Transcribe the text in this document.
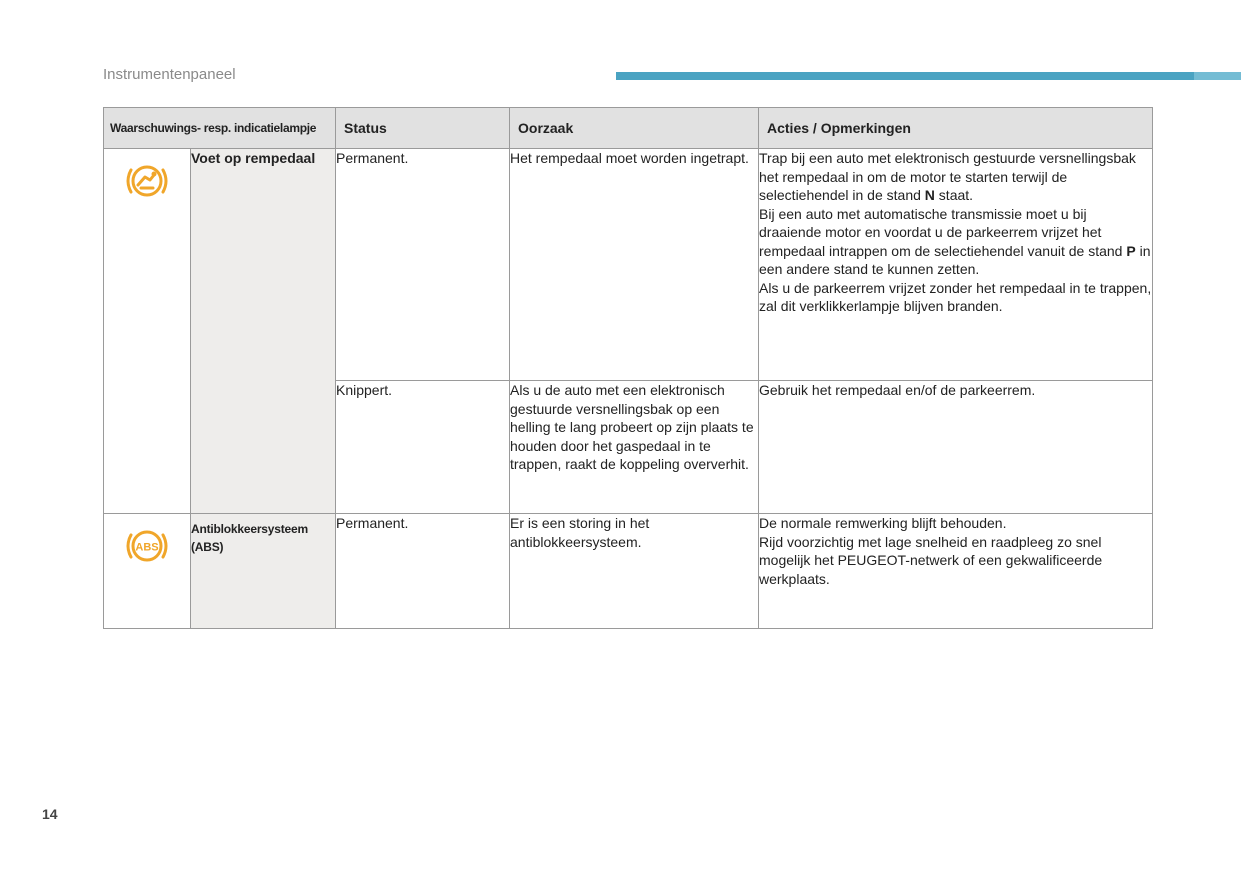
Instrumentenpaneel
Waarschuwings- resp. indicatielampje		Status	Oorzaak	Acties / Opmerkingen
	Voet op rempedaal	Permanent.	Het rempedaal moet worden ingetrapt.	Trap bij een auto met elektronisch gestuurde versnellingsbak het rempedaal in om de motor te starten terwijl de selectiehendel in de stand N staat.
Bij een auto met automatische transmissie moet u bij draaiende motor en voordat u de parkeerrem vrijzet het rempedaal intrappen om de selectiehendel vanuit de stand P in een andere stand te kunnen zetten.
Als u de parkeerrem vrijzet zonder het rempedaal in te trappen, zal dit verklikkerlampje blijven branden.

		Knippert.	Als u de auto met een elektronisch gestuurde versnellingsbak op een helling te lang probeert op zijn plaats te houden door het gaspedaal in te trappen, raakt de koppeling oververhit.	Gebruik het rempedaal en/of de parkeerrem.

ABS	Antiblokkeersysteem (ABS)	Permanent.	Er is een storing in het antiblokkeersysteem.	De normale remwerking blijft behouden.
Rijd voorzichtig met lage snelheid en raadpleeg zo snel mogelijk het PEUGEOT-netwerk of een gekwalificeerde werkplaats.
14
